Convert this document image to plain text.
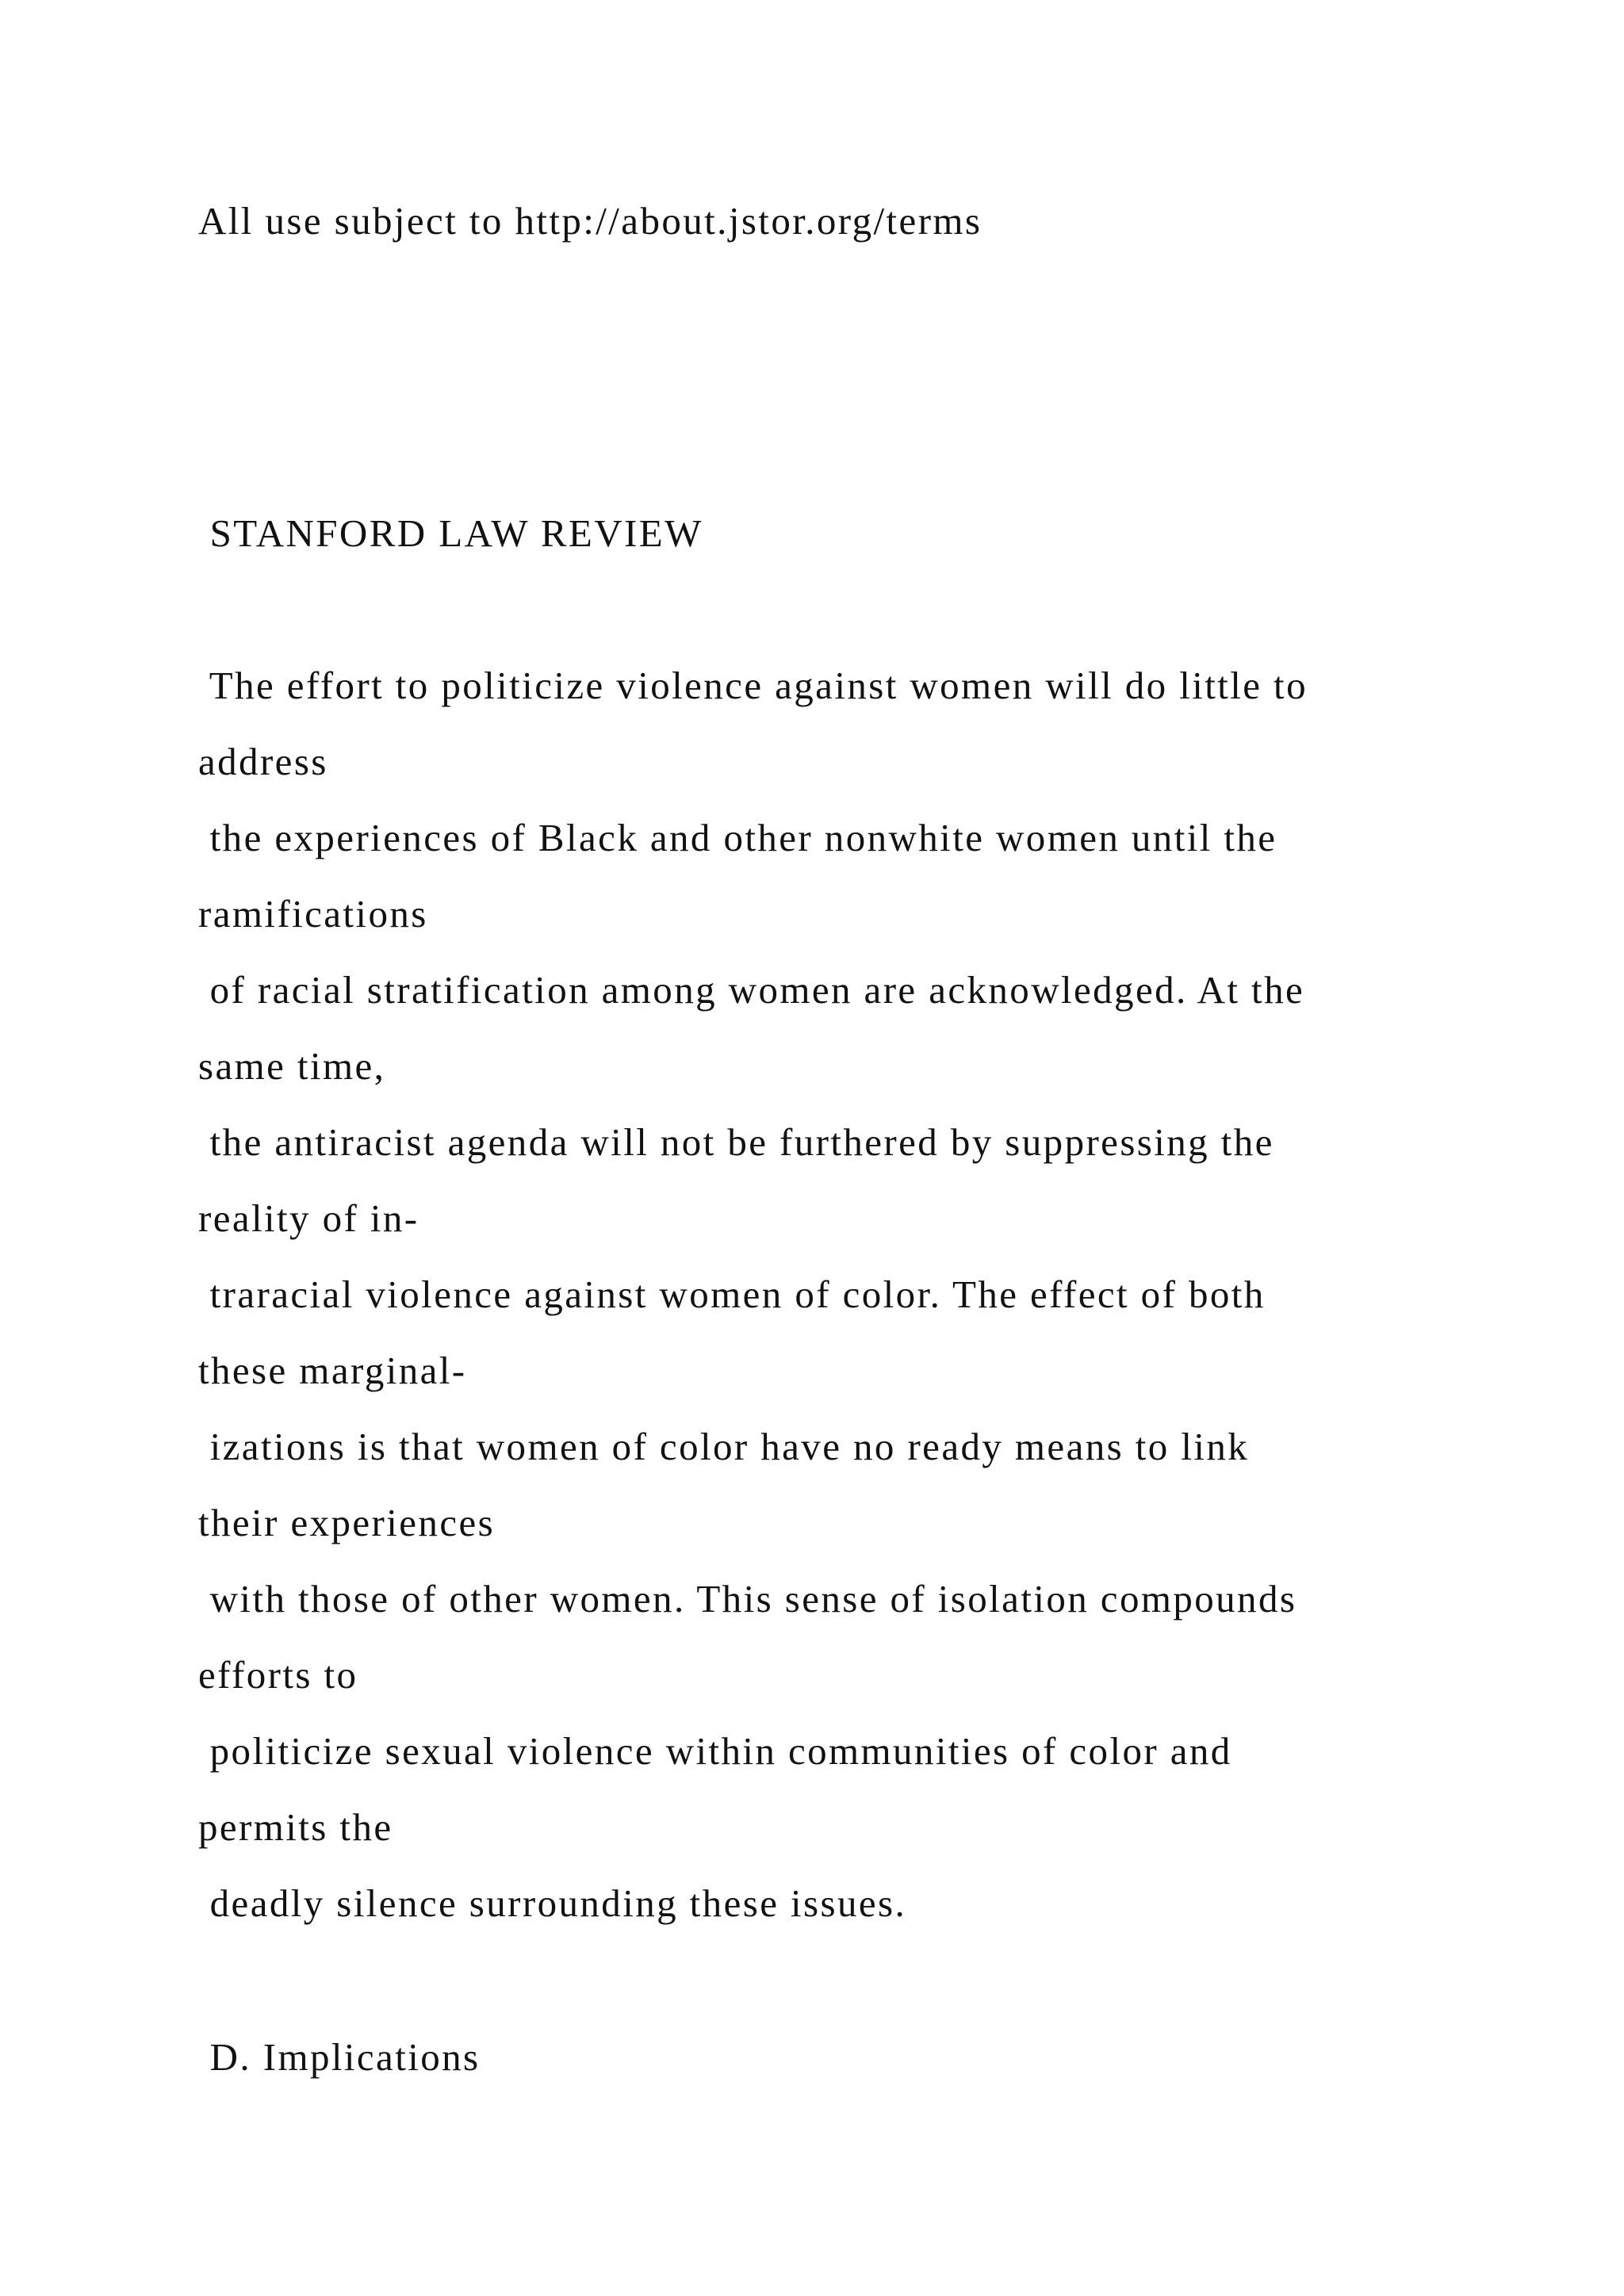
All use subject to http://about.jstor.org/terms
STANFORD LAW REVIEW
The effort to politicize violence against women will do little to
address
the experiences of Black and other nonwhite women until the
ramifications
of racial stratification among women are acknowledged. At the
same time,
the antiracist agenda will not be furthered by suppressing the
reality of in-
traracial violence against women of color. The effect of both
these marginal-
izations is that women of color have no ready means to link
their experiences
with those of other women. This sense of isolation compounds
efforts to
politicize sexual violence within communities of color and
permits the
deadly silence surrounding these issues.
D. Implications
